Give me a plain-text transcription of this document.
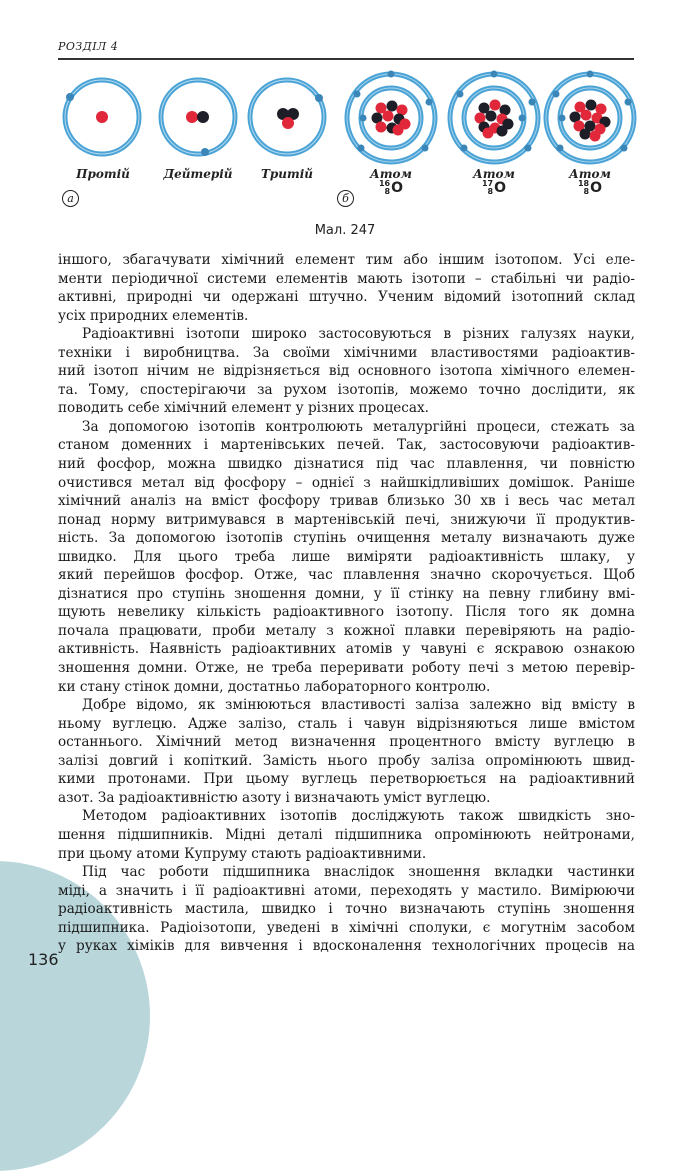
РОЗДІЛ 4
Протій	Дейтерій	Тритій	Атом	Атом	Атом
16
8O	17
8O	18
8O
а	б
Мал. 247
іншого, збагачувати хімічний елемент тим або іншим ізотопом. Усі еле-
менти періодичної системи елементів мають ізотопи – стабільні чи радіо-
активні, природні чи одержані штучно. Ученим відомий ізотопний склад
усіх природних елементів.
Радіоактивні ізотопи широко застосовуються в різних галузях науки,
техніки і виробництва. За своїми хімічними властивостями радіоактив-
ний ізотоп нічим не відрізняється від основного ізотопа хімічного елемен-
та. Тому, спостерігаючи за рухом ізотопів, можемо точно дослідити, як
поводить себе хімічний елемент у різних процесах.
За допомогою ізотопів контролюють металургійні процеси, стежать за
станом доменних і мартенівських печей. Так, застосовуючи радіоактив-
ний фосфор, можна швидко дізнатися під час плавлення, чи повністю
очистився метал від фосфору – однієї з найшкідливіших домішок. Раніше
хімічний аналіз на вміст фосфору тривав близько 30 хв і весь час метал
понад норму витримувався в мартенівській печі, знижуючи її продуктив-
ність. За допомогою ізотопів ступінь очищення металу визначають дуже
швидко. Для цього треба лише виміряти радіоактивність шлаку, у
який перейшов фосфор. Отже, час плавлення значно скорочується. Щоб
дізнатися про ступінь зношення домни, у її стінку на певну глибину вмі-
щують невелику кількість радіоактивного ізотопу. Після того як домна
почала працювати, проби металу з кожної плавки перевіряють на радіо-
активність. Наявність радіоактивних атомів у чавуні є яскравою ознакою
зношення домни. Отже, не треба переривати роботу печі з метою перевір-
ки стану стінок домни, достатньо лабораторного контролю.
Добре відомо, як змінюються властивості заліза залежно від вмісту в
ньому вуглецю. Адже залізо, сталь і чавун відрізняються лише вмістом
останнього. Хімічний метод визначення процентного вмісту вуглецю в
залізі довгий і копіткий. Замість нього пробу заліза опромінюють швид-
кими протонами. При цьому вуглець перетворюється на радіоактивний
азот. За радіоактивністю азоту і визначають уміст вуглецю.
Методом радіоактивних ізотопів досліджують також швидкість зно-
шення підшипників. Мідні деталі підшипника опромінюють нейтронами,
при цьому атоми Купруму стають радіоактивними.
Під час роботи підшипника внаслідок зношення вкладки частинки
міді, а значить і її радіоактивні атоми, переходять у мастило. Вимірюючи
радіоактивність мастила, швидко і точно визначають ступінь зношення
підшипника. Радіоізотопи, уведені в хімічні сполуки, є могутнім засобом
у руках хіміків для вивчення і вдосконалення технологічних процесів на
136
